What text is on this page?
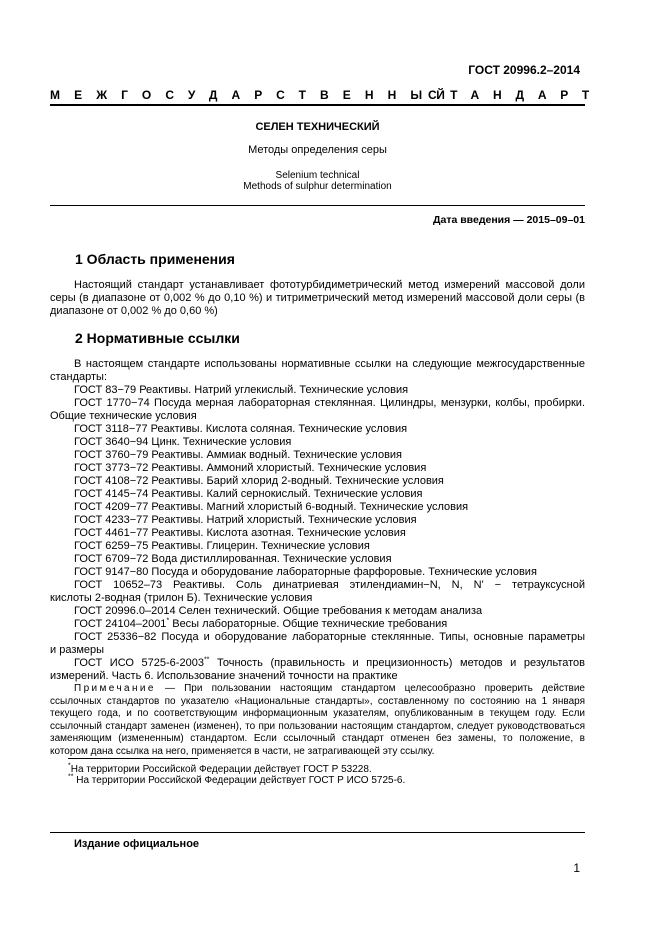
ГОСТ 20996.2–2014
МЕЖГОСУДАРСТВЕННЫЙ
СТАНДАРТ
СЕЛЕН ТЕХНИЧЕСКИЙ
Методы определения серы
Selenium technical
Methods of sulphur determination
Дата введения — 2015–09–01
1 Область применения
Настоящий стандарт устанавливает фототурбидиметрический метод измерений массовой доли
серы (в диапазоне от 0,002 % до 0,10 %) и титриметрический метод измерений массовой доли серы (в
диапазоне от 0,002 % до 0,60 %)
2 Нормативные ссылки
В настоящем стандарте использованы нормативные ссылки на следующие межгосударственные
стандарты:
ГОСТ 83−79 Реактивы. Натрий углекислый. Технические условия
ГОСТ 1770−74 Посуда мерная лабораторная стеклянная. Цилиндры, мензурки, колбы, пробирки.
Общие технические условия
ГОСТ 3118−77 Реактивы. Кислота соляная. Технические условия
ГОСТ 3640−94 Цинк. Технические условия
ГОСТ 3760−79 Реактивы. Аммиак водный. Технические условия
ГОСТ 3773−72 Реактивы. Аммоний хлористый. Технические условия
ГОСТ 4108−72 Реактивы. Барий хлорид 2-водный. Технические условия
ГОСТ 4145−74 Реактивы. Калий сернокислый. Технические условия
ГОСТ 4209−77 Реактивы. Магний хлористый 6-водный. Технические условия
ГОСТ 4233−77 Реактивы. Натрий хлористый. Технические условия
ГОСТ 4461−77 Реактивы. Кислота азотная. Технические условия
ГОСТ 6259−75 Реактивы. Глицерин. Технические условия
ГОСТ 6709−72 Вода дистиллированная. Технические условия
ГОСТ 9147−80 Посуда и оборудование лабораторные фарфоровые. Технические условия
ГОСТ 10652–73 Реактивы. Соль динатриевая этилендиамин−N, N, N' − тетрауксусной
кислоты 2-водная (трилон Б). Технические условия
ГОСТ 20996.0–2014 Селен технический. Общие требования к методам анализа
ГОСТ 24104–2001* Весы лабораторные. Общие технические требования
ГОСТ 25336−82 Посуда и оборудование лабораторные стеклянные. Типы, основные параметры
и размеры
ГОСТ ИСО 5725-6-2003** Точность (правильность и прецизионность) методов и результатов
измерений. Часть 6. Использование значений точности на практике
Примечание — При пользовании настоящим стандартом целесообразно проверить действие
ссылочных стандартов по указателю «Национальные стандарты», составленному по состоянию на 1 января
текущего года, и по соответствующим информационным указателям, опубликованным в текущем году. Если
ссылочный стандарт заменен (изменен), то при пользовании настоящим стандартом, следует руководствоваться
заменяющим (измененным) стандартом. Если ссылочный стандарт отменен без замены, то положение, в
котором дана ссылка на него, применяется в части, не затрагивающей эту ссылку.
*На территории Российской Федерации действует ГОСТ Р 53228.
** На территории Российской Федерации действует ГОСТ Р ИСО 5725-6.
Издание официальное
1
